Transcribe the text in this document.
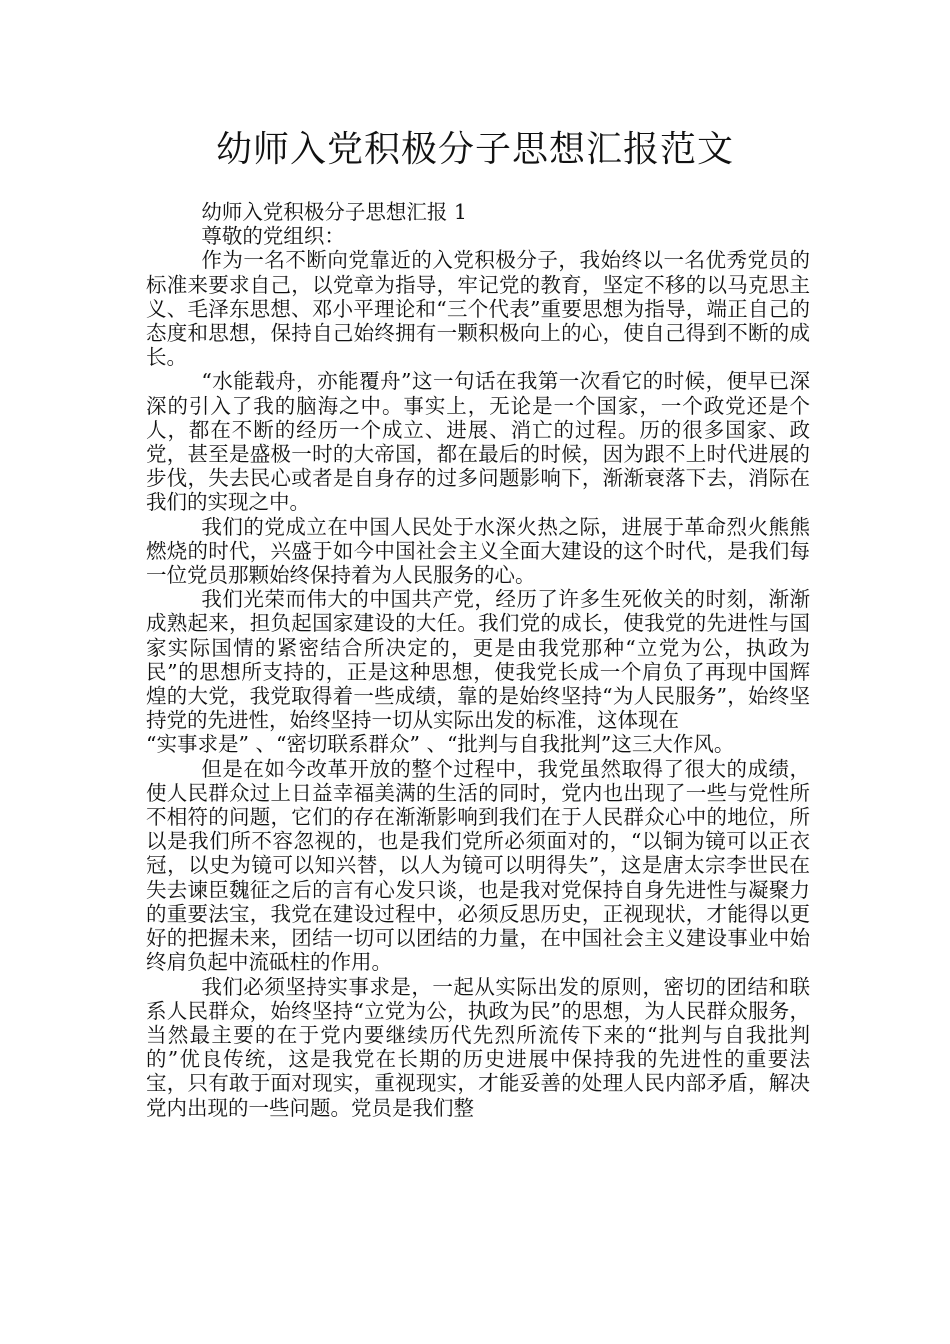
幼师入党积极分子思想汇报范文

幼师入党积极分子思想汇报 1

尊敬的党组织：

作为一名不断向党靠近的入党积极分子，我始终以一名优秀党员的标准来要求自己，以党章为指导，牢记党的教育，坚定不移的以马克思主义、毛泽东思想、邓小平理论和“三个代表”重要思想为指导，端正自己的态度和思想，保持自己始终拥有一颗积极向上的心，使自己得到不断的成长。

“水能载舟，亦能覆舟”这一句话在我第一次看它的时候，便早已深深的引入了我的脑海之中。事实上，无论是一个国家，一个政党还是个人，都在不断的经历一个成立、进展、消亡的过程。历的很多国家、政党，甚至是盛极一时的大帝国，都在最后的时候，因为跟不上时代进展的步伐，失去民心或者是自身存的过多问题影响下，渐渐衰落下去，消际在我们的实现之中。

我们的党成立在中国人民处于水深火热之际，进展于革命烈火熊熊燃烧的时代，兴盛于如今中国社会主义全面大建设的这个时代，是我们每一位党员那颗始终保持着为人民服务的心。

我们光荣而伟大的中国共产党，经历了许多生死攸关的时刻，渐渐成熟起来，担负起国家建设的大任。我们党的成长，使我党的先进性与国家实际国情的紧密结合所决定的，更是由我党那种“立党为公，执政为民”的思想所支持的，正是这种思想，使我党长成一个肩负了再现中国辉煌的大党，我党取得着一些成绩，靠的是始终坚持“为人民服务”，始终坚持党的先进性，始终坚持一切从实际出发的标准，这体现在

“实事求是” 、“密切联系群众” 、“批判与自我批判”这三大作风。

但是在如今改革开放的整个过程中，我党虽然取得了很大的成绩，使人民群众过上日益幸福美满的生活的同时，党内也出现了一些与党性所不相符的问题，它们的存在渐渐影响到我们在于人民群众心中的地位，所以是我们所不容忽视的，也是我们党所必须面对的，“以铜为镜可以正衣冠，以史为镜可以知兴替，以人为镜可以明得失”，这是唐太宗李世民在失去谏臣魏征之后的言有心发只谈，也是我对党保持自身先进性与凝聚力的重要法宝，我党在建设过程中，必须反思历史，正视现状，才能得以更好的把握未来，团结一切可以团结的力量，在中国社会主义建设事业中始终肩负起中流砥柱的作用。

我们必须坚持实事求是，一起从实际出发的原则，密切的团结和联系人民群众，始终坚持“立党为公，执政为民”的思想，为人民群众服务，当然最主要的在于党内要继续历代先烈所流传下来的“批判与自我批判的”优良传统，这是我党在长期的历史进展中保持我的先进性的重要法宝，只有敢于面对现实，重视现实，才能妥善的处理人民内部矛盾，解决党内出现的一些问题。党员是我们整
